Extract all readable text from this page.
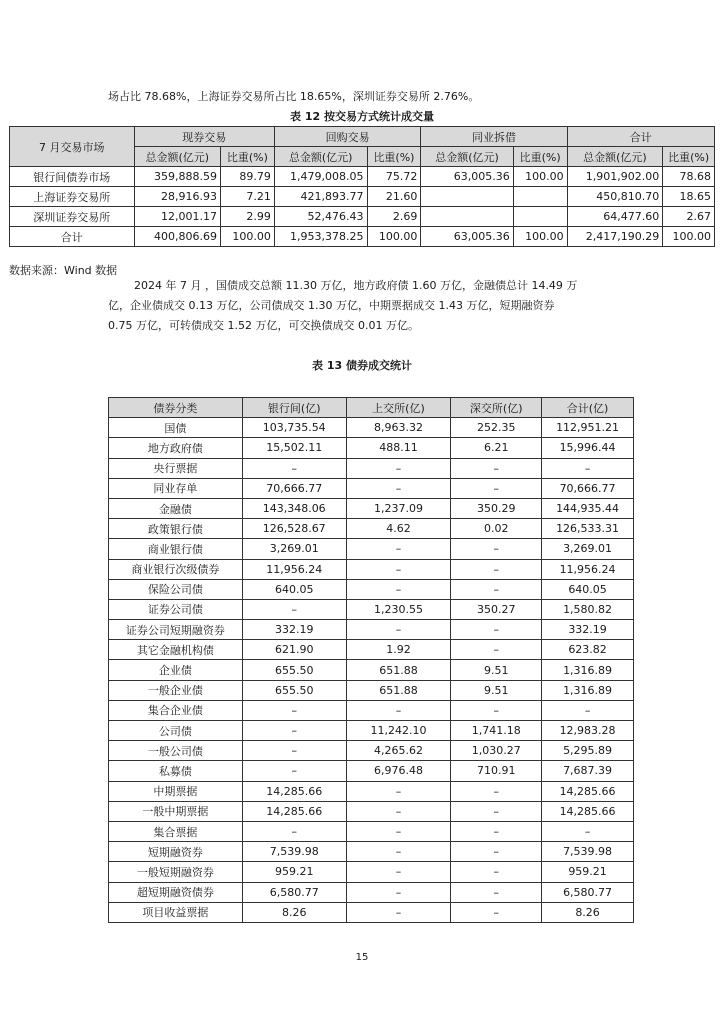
场占比 78.68%，上海证券交易所占比 18.65%，深圳证券交易所 2.76%。
表 12 按交易方式统计成交量
7 月交易市场	现券交易		回购交易		同业拆借		合计	
	总金额(亿元)	比重(%)	总金额(亿元)	比重(%)	总金额(亿元)	比重(%)	总金额(亿元)	比重(%)
银行间债券市场	359,888.59	89.79	1,479,008.05	75.72	63,005.36	100.00	1,901,902.00	78.68
上海证券交易所	28,916.93	7.21	421,893.77	21.60			450,810.70	18.65
深圳证券交易所	12,001.17	2.99	52,476.43	2.69			64,477.60	2.67
合计	400,806.69	100.00	1,953,378.25	100.00	63,005.36	100.00	2,417,190.29	100.00
数据来源：Wind 数据
2024 年 7 月 ，国债成交总额 11.30 万亿，地方政府债 1.60 万亿，金融债总计 14.49 万
亿，企业债成交 0.13 万亿，公司债成交 1.30 万亿，中期票据成交 1.43 万亿，短期融资券
0.75 万亿，可转债成交 1.52 万亿，可交换债成交 0.01 万亿。
表 13 债券成交统计
债券分类	银行间(亿)	上交所(亿)	深交所(亿)	合计(亿)
国债	103,735.54	8,963.32	252.35	112,951.21
地方政府债	15,502.11	488.11	6.21	15,996.44
央行票据	–	–	–	–
同业存单	70,666.77	–	–	70,666.77
金融债	143,348.06	1,237.09	350.29	144,935.44
政策银行债	126,528.67	4.62	0.02	126,533.31
商业银行债	3,269.01	–	–	3,269.01
商业银行次级债券	11,956.24	–	–	11,956.24
保险公司债	640.05	–	–	640.05
证券公司债	–	1,230.55	350.27	1,580.82
证券公司短期融资券	332.19	–	–	332.19
其它金融机构债	621.90	1.92	–	623.82
企业债	655.50	651.88	9.51	1,316.89
一般企业债	655.50	651.88	9.51	1,316.89
集合企业债	–	–	–	–
公司债	–	11,242.10	1,741.18	12,983.28
一般公司债	–	4,265.62	1,030.27	5,295.89
私募债	–	6,976.48	710.91	7,687.39
中期票据	14,285.66	–	–	14,285.66
一般中期票据	14,285.66	–	–	14,285.66
集合票据	–	–	–	–
短期融资券	7,539.98	–	–	7,539.98
一般短期融资券	959.21	–	–	959.21
超短期融资债券	6,580.77	–	–	6,580.77
项目收益票据	8.26	–	–	8.26
15
